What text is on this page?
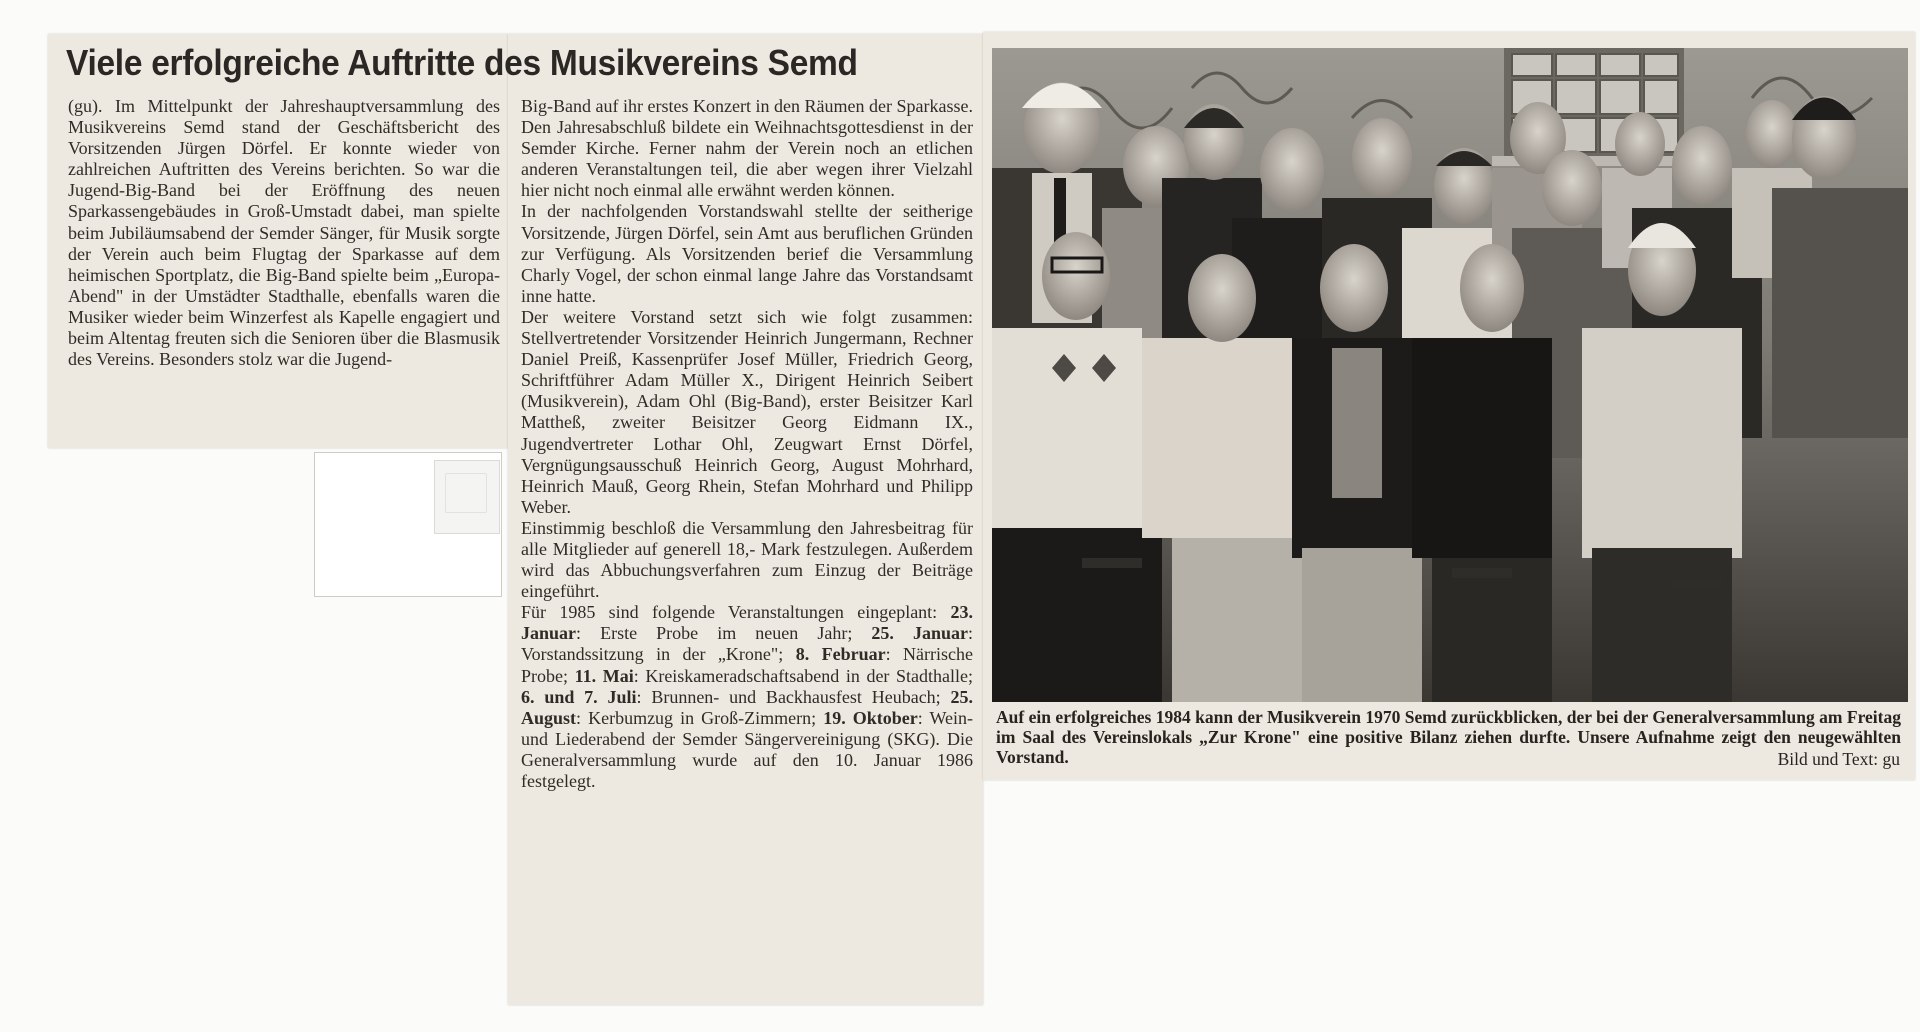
Viele erfolgreiche Auftritte des Musikvereins Semd

(gu). Im Mittelpunkt der Jahreshauptversammlung des Musikvereins Semd stand der Geschäftsbericht des Vorsitzenden Jürgen Dörfel. Er konnte wieder von zahlreichen Auftritten des Vereins berichten. So war die Jugend-Big-Band bei der Eröffnung des neuen Sparkassengebäudes in Groß-Umstadt dabei, man spielte beim Jubiläumsabend der Semder Sänger, für Musik sorgte der Verein auch beim Flugtag der Sparkasse auf dem heimischen Sportplatz, die Big-Band spielte beim „Europa-Abend" in der Umstädter Stadthalle, ebenfalls waren die Musiker wieder beim Winzerfest als Kapelle engagiert und beim Altentag freuten sich die Senioren über die Blasmusik des Vereins. Besonders stolz war die Jugend-

Big-Band auf ihr erstes Konzert in den Räumen der Sparkasse. Den Jahresabschluß bildete ein Weihnachtsgottesdienst in der Semder Kirche. Ferner nahm der Verein noch an etlichen anderen Veranstaltungen teil, die aber wegen ihrer Vielzahl hier nicht noch einmal alle erwähnt werden können.

In der nachfolgenden Vorstandswahl stellte der seitherige Vorsitzende, Jürgen Dörfel, sein Amt aus beruflichen Gründen zur Verfügung. Als Vorsitzenden berief die Versammlung Charly Vogel, der schon einmal lange Jahre das Vorstandsamt inne hatte.

Der weitere Vorstand setzt sich wie folgt zusammen: Stellvertretender Vorsitzender Heinrich Jungermann, Rechner Daniel Preiß, Kassenprüfer Josef Müller, Friedrich Georg, Schriftführer Adam Müller X., Dirigent Heinrich Seibert (Musikverein), Adam Ohl (Big-Band), erster Beisitzer Karl Mattheß, zweiter Beisitzer Georg Eidmann IX., Jugendvertreter Lothar Ohl, Zeugwart Ernst Dörfel, Vergnügungsausschuß Heinrich Georg, August Mohrhard, Heinrich Mauß, Georg Rhein, Stefan Mohrhard und Philipp Weber.

Einstimmig beschloß die Versammlung den Jahresbeitrag für alle Mitglieder auf generell 18,- Mark festzulegen. Außerdem wird das Abbuchungsverfahren zum Einzug der Beiträge eingeführt.

Für 1985 sind folgende Veranstaltungen eingeplant: 23. Januar: Erste Probe im neuen Jahr; 25. Januar: Vorstandssitzung in der „Krone"; 8. Februar: Närrische Probe; 11. Mai: Kreiskameradschaftsabend in der Stadthalle; 6. und 7. Juli: Brunnen- und Backhausfest Heubach; 25. August: Kerbumzug in Groß-Zimmern; 19. Oktober: Wein- und Liederabend der Semder Sängervereinigung (SKG). Die Generalversammlung wurde auf den 10. Januar 1986 festgelegt.

Auf ein erfolgreiches 1984 kann der Musikverein 1970 Semd zurückblicken, der bei der Generalversammlung am Freitag im Saal des Vereinslokals „Zur Krone" eine positive Bilanz ziehen durfte. Unsere Aufnahme zeigt den neugewählten Vorstand.	Bild und Text: gu
